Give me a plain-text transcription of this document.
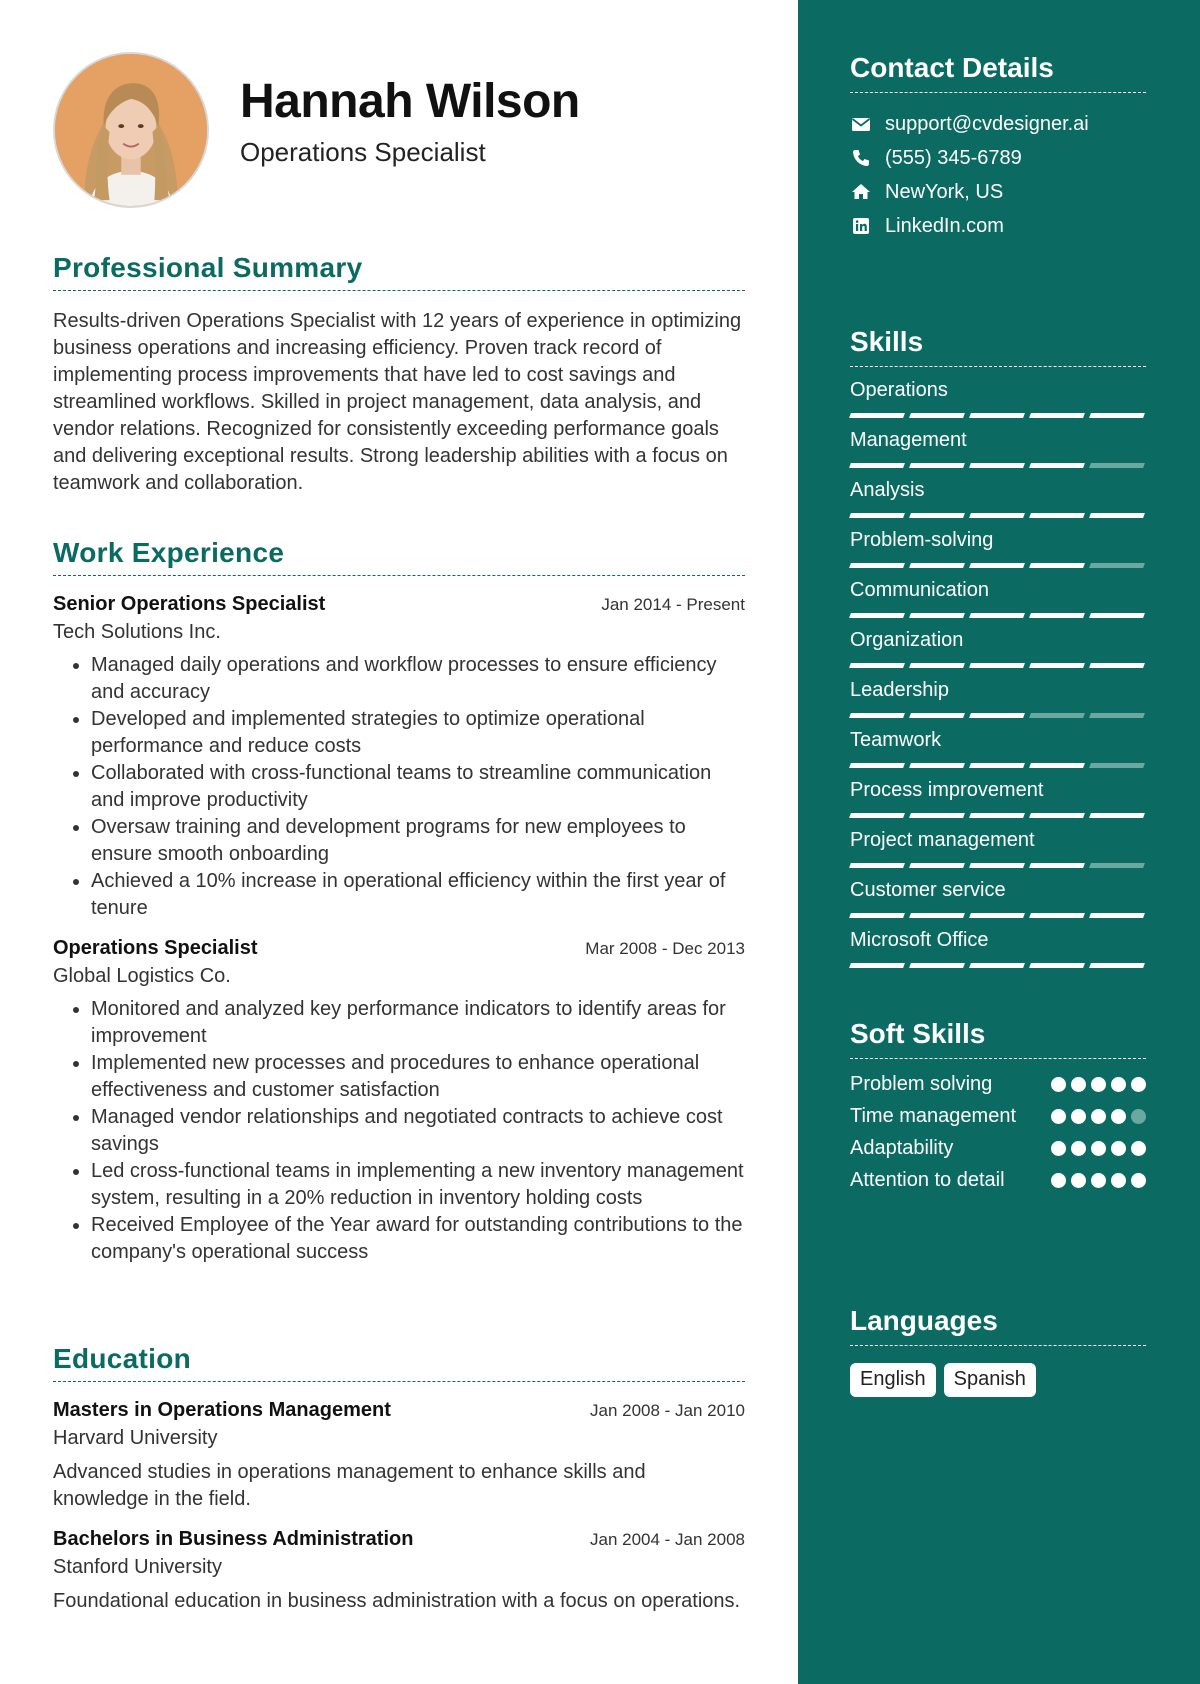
Hannah Wilson
Operations Specialist
Professional Summary
Results-driven Operations Specialist with 12 years of experience in optimizing business operations and increasing efficiency. Proven track record of implementing process improvements that have led to cost savings and streamlined workflows. Skilled in project management, data analysis, and vendor relations. Recognized for consistently exceeding performance goals and delivering exceptional results. Strong leadership abilities with a focus on teamwork and collaboration.
Work Experience
Senior Operations Specialist	Jan 2014 - Present
Tech Solutions Inc.
• Managed daily operations and workflow processes to ensure efficiency and accuracy
• Developed and implemented strategies to optimize operational performance and reduce costs
• Collaborated with cross-functional teams to streamline communication and improve productivity
• Oversaw training and development programs for new employees to ensure smooth onboarding
• Achieved a 10% increase in operational efficiency within the first year of tenure
Operations Specialist	Mar 2008 - Dec 2013
Global Logistics Co.
• Monitored and analyzed key performance indicators to identify areas for improvement
• Implemented new processes and procedures to enhance operational effectiveness and customer satisfaction
• Managed vendor relationships and negotiated contracts to achieve cost savings
• Led cross-functional teams in implementing a new inventory management system, resulting in a 20% reduction in inventory holding costs
• Received Employee of the Year award for outstanding contributions to the company's operational success
Education
Masters in Operations Management	Jan 2008 - Jan 2010
Harvard University
Advanced studies in operations management to enhance skills and knowledge in the field.
Bachelors in Business Administration	Jan 2004 - Jan 2008
Stanford University
Foundational education in business administration with a focus on operations.
Contact Details
support@cvdesigner.ai
(555) 345-6789
NewYork, US
LinkedIn.com
Skills
Operations
Management
Analysis
Problem-solving
Communication
Organization
Leadership
Teamwork
Process improvement
Project management
Customer service
Microsoft Office
Soft Skills
Problem solving
Time management
Adaptability
Attention to detail
Languages
English	Spanish
